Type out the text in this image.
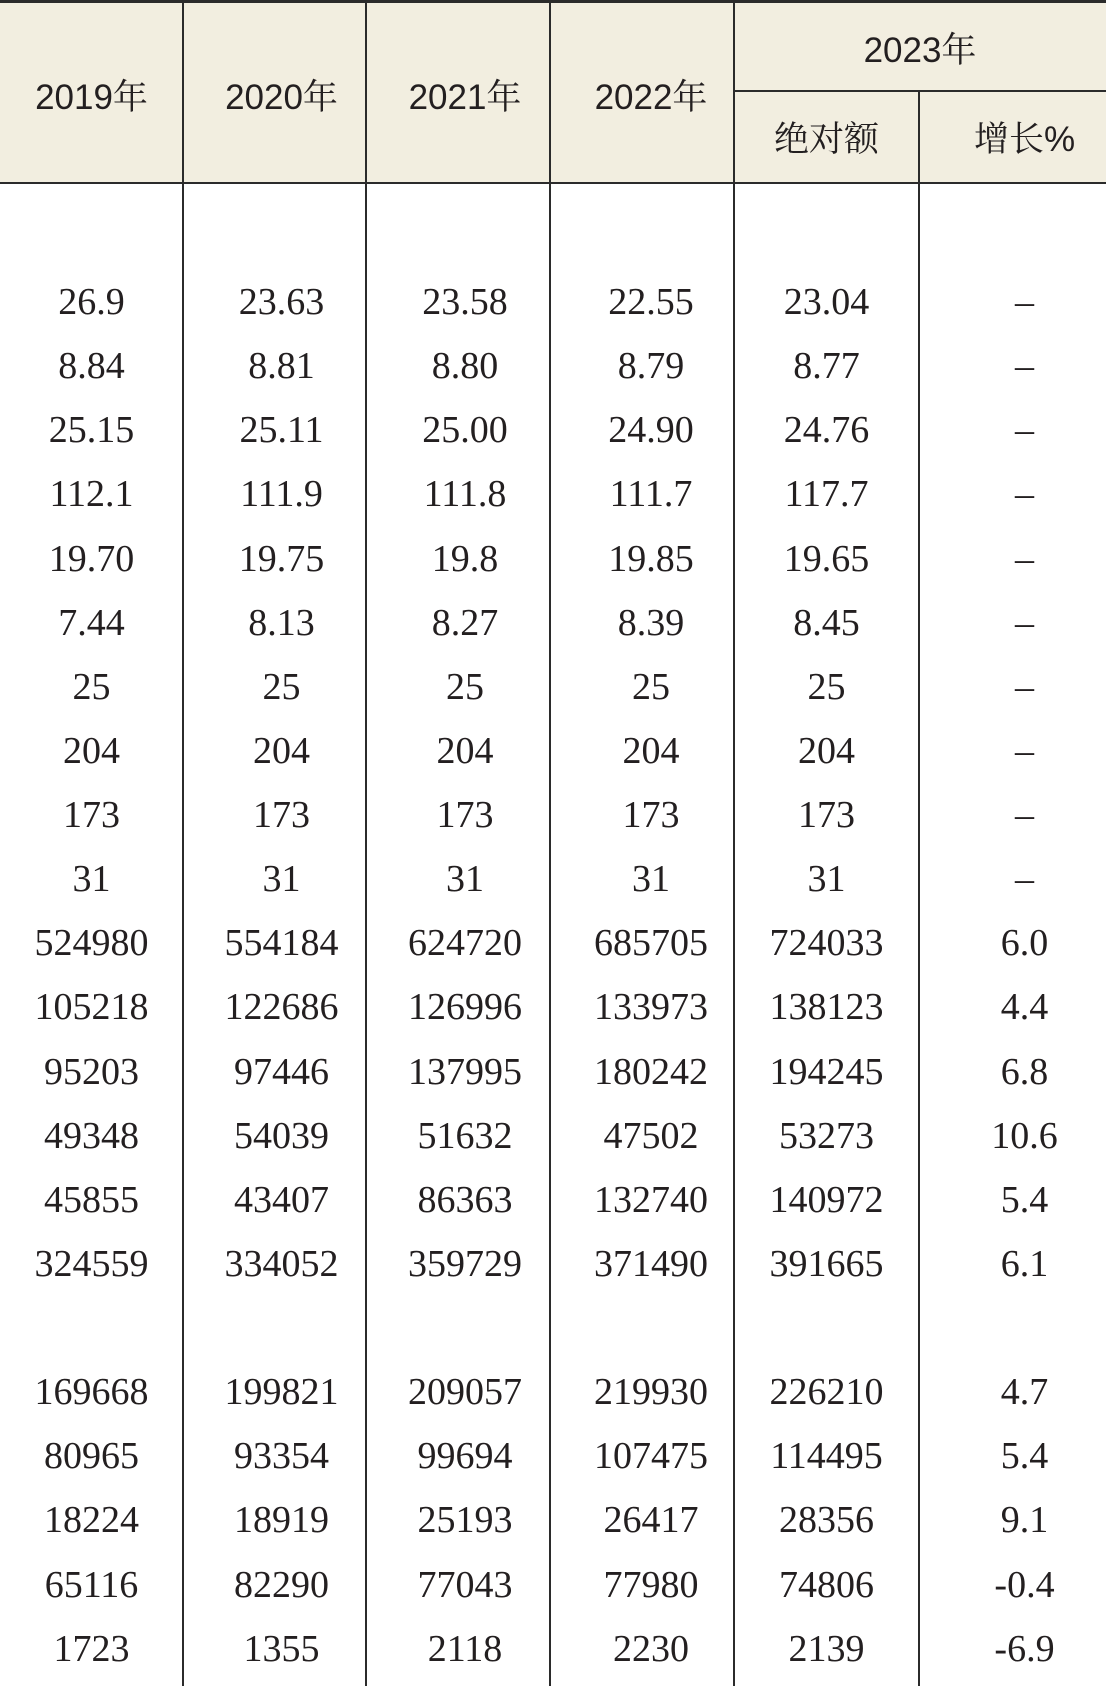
2019年	2020年	2021年	2022年
2023年
绝对额	增长%
26.9	23.63	23.58	22.55	23.04	–
8.84	8.81	8.80	8.79	8.77	–
25.15	25.11	25.00	24.90	24.76	–
112.1	111.9	111.8	111.7	117.7	–
19.70	19.75	19.8	19.85	19.65	–
7.44	8.13	8.27	8.39	8.45	–
25	25	25	25	25	–
204	204	204	204	204	–
173	173	173	173	173	–
31	31	31	31	31	–
524980	554184	624720	685705	724033	6.0
105218	122686	126996	133973	138123	4.4
95203	97446	137995	180242	194245	6.8
49348	54039	51632	47502	53273	10.6
45855	43407	86363	132740	140972	5.4
324559	334052	359729	371490	391665	6.1
169668	199821	209057	219930	226210	4.7
80965	93354	99694	107475	114495	5.4
18224	18919	25193	26417	28356	9.1
65116	82290	77043	77980	74806	-0.4
1723	1355	2118	2230	2139	-6.9
